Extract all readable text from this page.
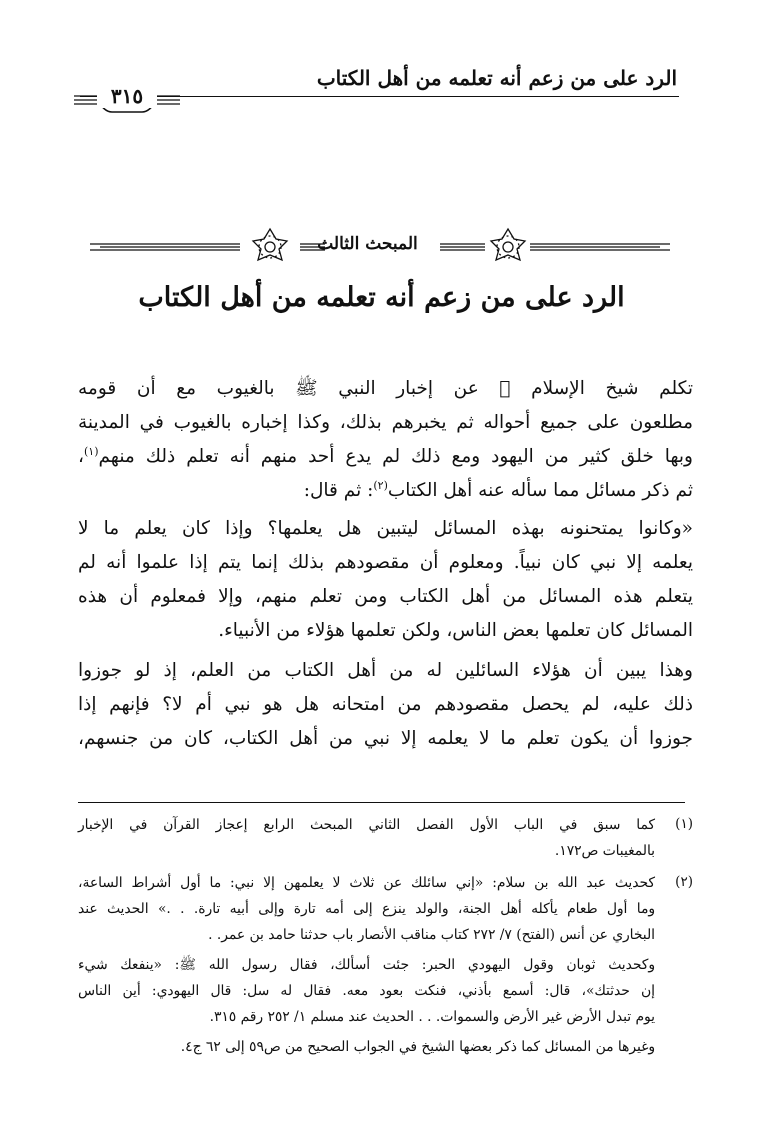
الرد على من زعم أنه تعلمه من أهل الكتاب
٣١٥
المبحث الثالث
الرد على من زعم أنه تعلمه من أهل الكتاب
تكلم شيخ الإسلام ﷬ عن إخبار النبي ﷺ بالغيوب مع أن قومه
مطلعون على جميع أحواله ثم يخبرهم بذلك، وكذا إخباره بالغيوب في المدينة
وبها خلق كثير من اليهود ومع ذلك لم يدع أحد منهم أنه تعلم ذلك منهم$^{(١)}$،
ثم ذكر مسائل مما سأله عنه أهل الكتاب$^{(٢)}$: ثم قال:
«وكانوا يمتحنونه بهذه المسائل ليتبين هل يعلمها؟ وإذا كان يعلم ما لا
يعلمه إلا نبي كان نبياً. ومعلوم أن مقصودهم بذلك إنما يتم إذا علموا أنه لم
يتعلم هذه المسائل من أهل الكتاب ومن تعلم منهم، وإلا فمعلوم أن هذه
المسائل كان تعلمها بعض الناس، ولكن تعلمها هؤلاء من الأنبياء.
وهذا يبين أن هؤلاء السائلين له من أهل الكتاب من العلم، إذ لو جوزوا
ذلك عليه، لم يحصل مقصودهم من امتحانه هل هو نبي أم لا؟ فإنهم إذا
جوزوا أن يكون تعلم ما لا يعلمه إلا نبي من أهل الكتاب، كان من جنسهم،
(١)
كما سبق في الباب الأول الفصل الثاني المبحث الرابع إعجاز القرآن في الإخبار
بالمغيبات ص١٧٢.
(٢)
كحديث عبد الله بن سلام: «إني سائلك عن ثلاث لا يعلمهن إلا نبي: ما أول أشراط الساعة،
وما أول طعام يأكله أهل الجنة، والولد ينزع إلى أمه تارة وإلى أبيه تارة. . .» الحديث عند
البخاري عن أنس (الفتح) ٧/ ٢٧٢ كتاب مناقب الأنصار باب حدثنا حامد بن عمر. .
وكحديث ثوبان وقول اليهودي الحبر: جئت أسألك، فقال رسول الله ﷺ: «ينفعك شيء
إن حدثتك»، قال: أسمع بأذني، فنكت بعود معه. فقال له سل: قال اليهودي: أين الناس
يوم تبدل الأرض غير الأرض والسموات. . . الحديث عند مسلم ١/ ٢٥٢ رقم ٣١٥.
وغيرها من المسائل كما ذكر بعضها الشيخ في الجواب الصحيح من ص٥٩ إلى ٦٢ ج٤.
